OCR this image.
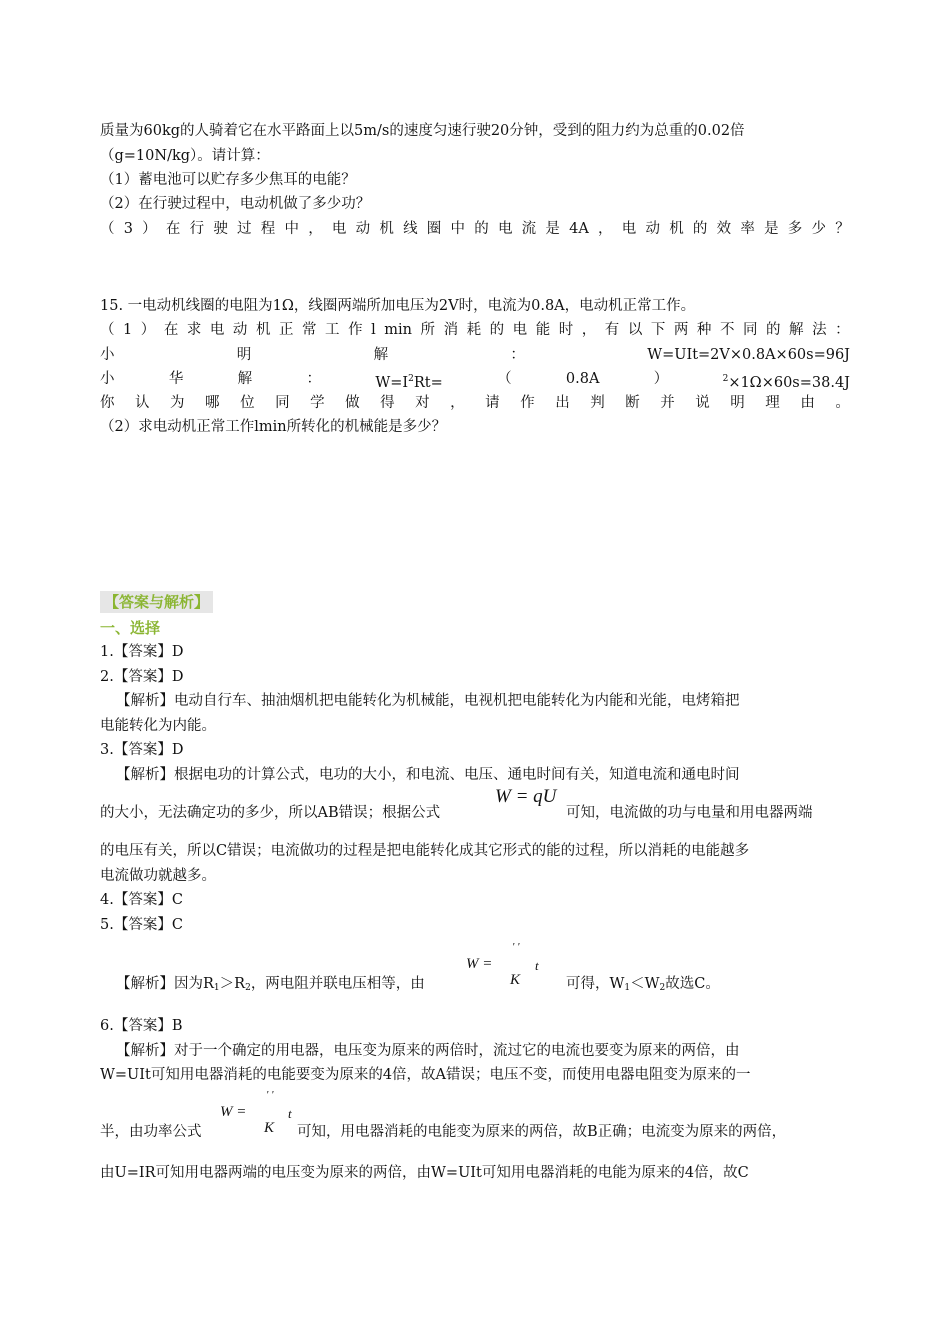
质量为60kg的人骑着它在水平路面上以5m/s的速度匀速行驶20分钟，受到的阻力约为总重的0.02倍
（g=10N/kg）。请计算：
（1）蓄电池可以贮存多少焦耳的电能？
（2）在行驶过程中，电动机做了多少功？
（ 3 ） 在 行 驶 过 程 中 ， 电 动 机 线 圈 中 的 电 流 是 4A ， 电 动 机 的 效 率 是 多 少 ？
15. 一电动机线圈的电阻为1Ω，线圈两端所加电压为2V时，电流为0.8A，电动机正常工作。
（ 1 ） 在 求 电 动 机 正 常 工 作 l min 所 消 耗 的 电 能 时 ， 有 以 下 两 种 不 同 的 解 法 ：
小	明	解	：	W=UIt=2V×0.8A×60s=96J
小	华	解	：	$W=I^2Rt=$	（	0.8A	）	$^2$×1Ω×60s=38.4J
你 认 为 哪 位 同 学 做 得 对 ， 请 作 出 判 断 并 说 明 理 由 。
（2）求电动机正常工作lmin所转化的机械能是多少？
【答案与解析】
一、选择
1.【答案】D
2.【答案】D
【解析】电动自行车、抽油烟机把电能转化为机械能，电视机把电能转化为内能和光能，电烤箱把
电能转化为内能。
3.【答案】D
【解析】根据电功的计算公式，电功的大小，和电流、电压、通电时间有关，知道电流和通电时间
的大小，无法确定功的多少，所以AB错误；根据公式
W = qU
可知，电流做的功与电量和用电器两端
的电压有关，所以C错误；电流做功的过程是把电能转化成其它形式的能的过程，所以消耗的电能越多
电流做功就越多。
4.【答案】C
5.【答案】C
W =
ʹ ʹ
K
t
【解析】因为$R_1>R_2$，两电阻并联电压相等，由	可得，$W_1<W_2$故选C。
6.【答案】B
【解析】对于一个确定的用电器，电压变为原来的两倍时，流过它的电流也要变为原来的两倍，由
W=UIt可知用电器消耗的电能要变为原来的4倍，故A错误；电压不变，而使用电器电阻变为原来的一
W =
ʹ ʹ
K
t
半，由功率公式	可知，用电器消耗的电能变为原来的两倍，故B正确；电流变为原来的两倍，
由U=IR可知用电器两端的电压变为原来的两倍，由W=UIt可知用电器消耗的电能为原来的4倍，故C
